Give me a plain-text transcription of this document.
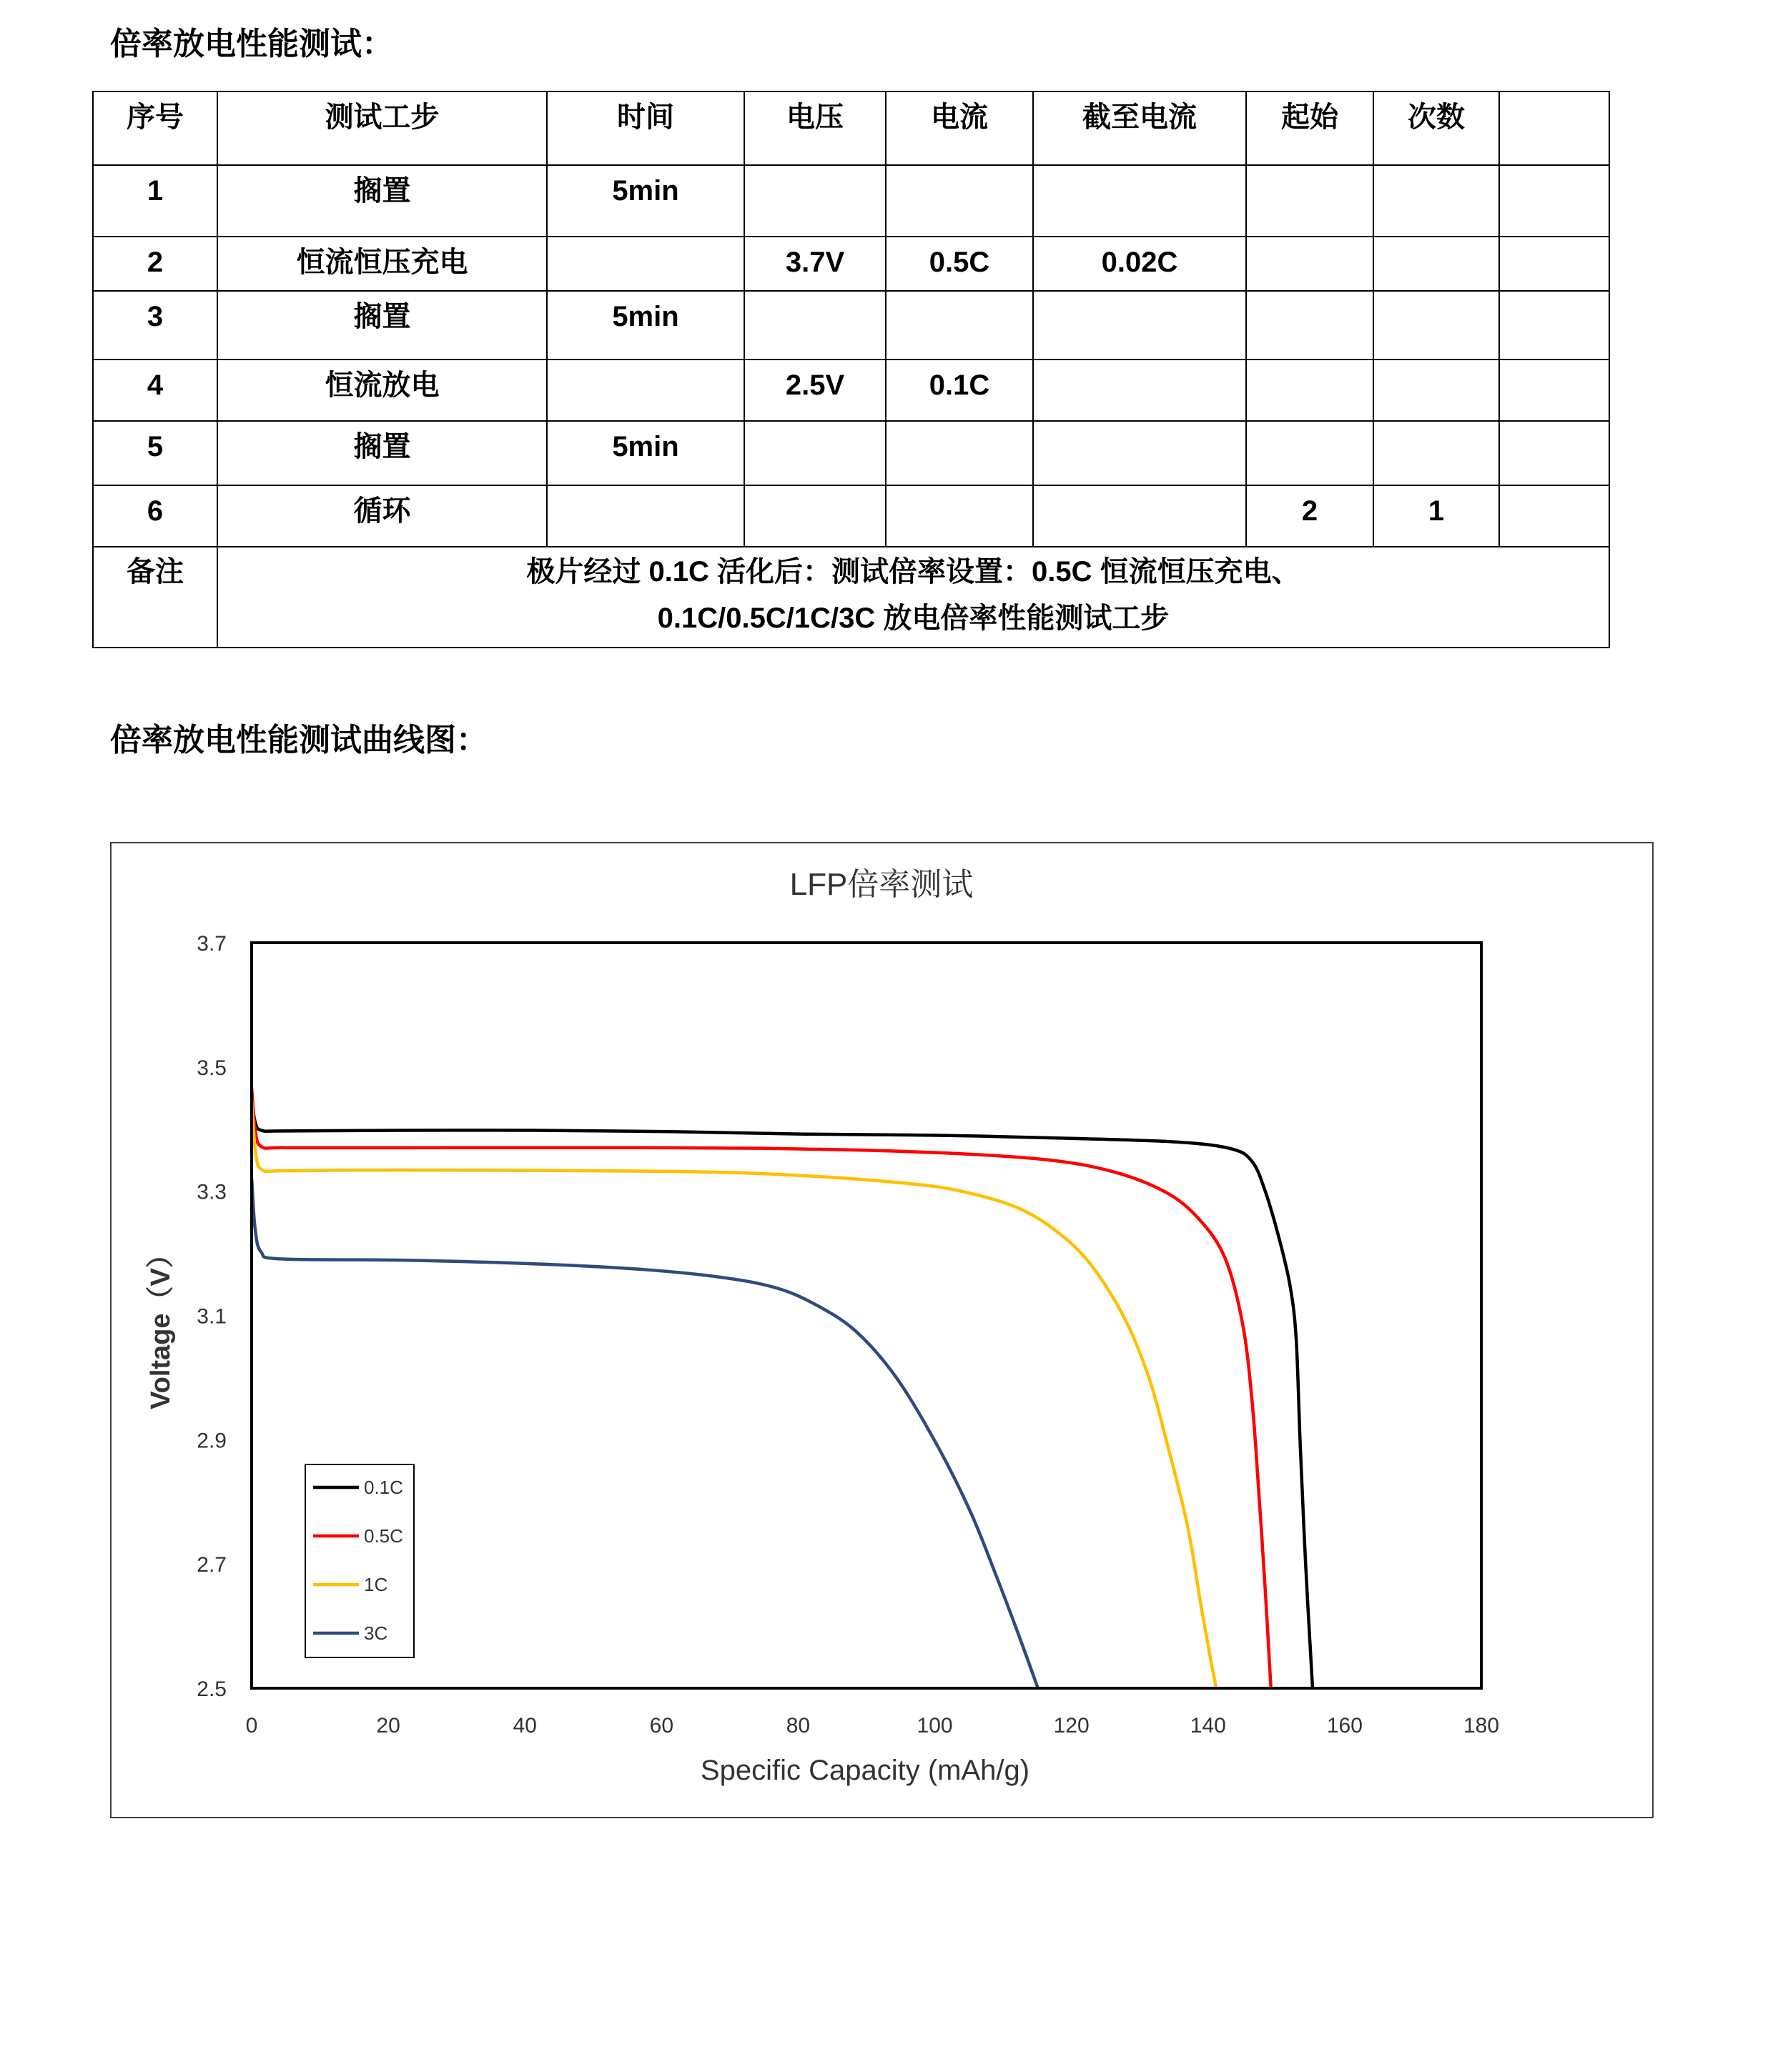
倍率放电性能测试：
序号	测试工步	时间	电压	电流	截至电流	起始	次数	
1	搁置	5min						
2	恒流恒压充电		3.7V	0.5C	0.02C			
3	搁置	5min						
4	恒流放电		2.5V	0.1C				
5	搁置	5min						
6	循环					2	1	
备注	极片经过 0.1C 活化后：测试倍率设置：0.5C 恒流恒压充电、
0.1C/0.5C/1C/3C 放电倍率性能测试工步							
倍率放电性能测试曲线图：
LFP倍率测试
2.5
2.7
2.9
3.1
3.3
3.5
3.7
0	20	40	60	80	100	120	140	160	180
Specific Capacity (mAh/g)
Voltage（V）
0.1C
0.5C
1C
3C
